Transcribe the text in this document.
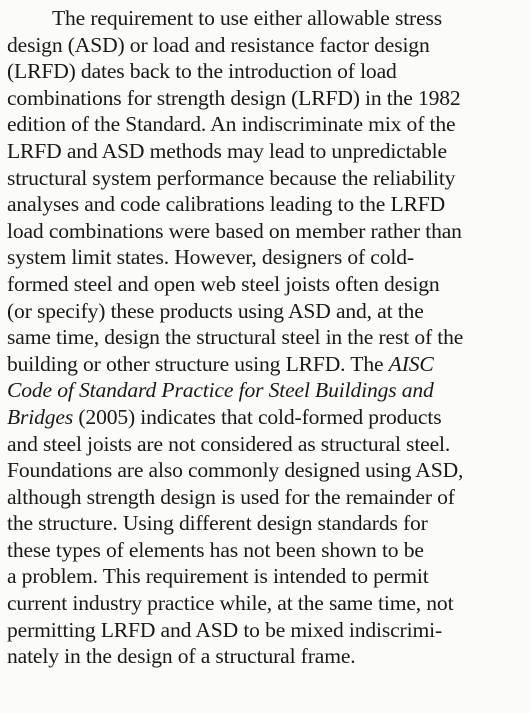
The requirement to use either allowable stress
design (ASD) or load and resistance factor design
(LRFD) dates back to the introduction of load
combinations for strength design (LRFD) in the 1982
edition of the Standard. An indiscriminate mix of the
LRFD and ASD methods may lead to unpredictable
structural system performance because the reliability
analyses and code calibrations leading to the LRFD
load combinations were based on member rather than
system limit states. However, designers of cold-
formed steel and open web steel joists often design
(or specify) these products using ASD and, at the
same time, design the structural steel in the rest of the
building or other structure using LRFD. The AISC
Code of Standard Practice for Steel Buildings and
Bridges (2005) indicates that cold-formed products
and steel joists are not considered as structural steel.
Foundations are also commonly designed using ASD,
although strength design is used for the remainder of
the structure. Using different design standards for
these types of elements has not been shown to be
a problem. This requirement is intended to permit
current industry practice while, at the same time, not
permitting LRFD and ASD to be mixed indiscrimi-
nately in the design of a structural frame.
